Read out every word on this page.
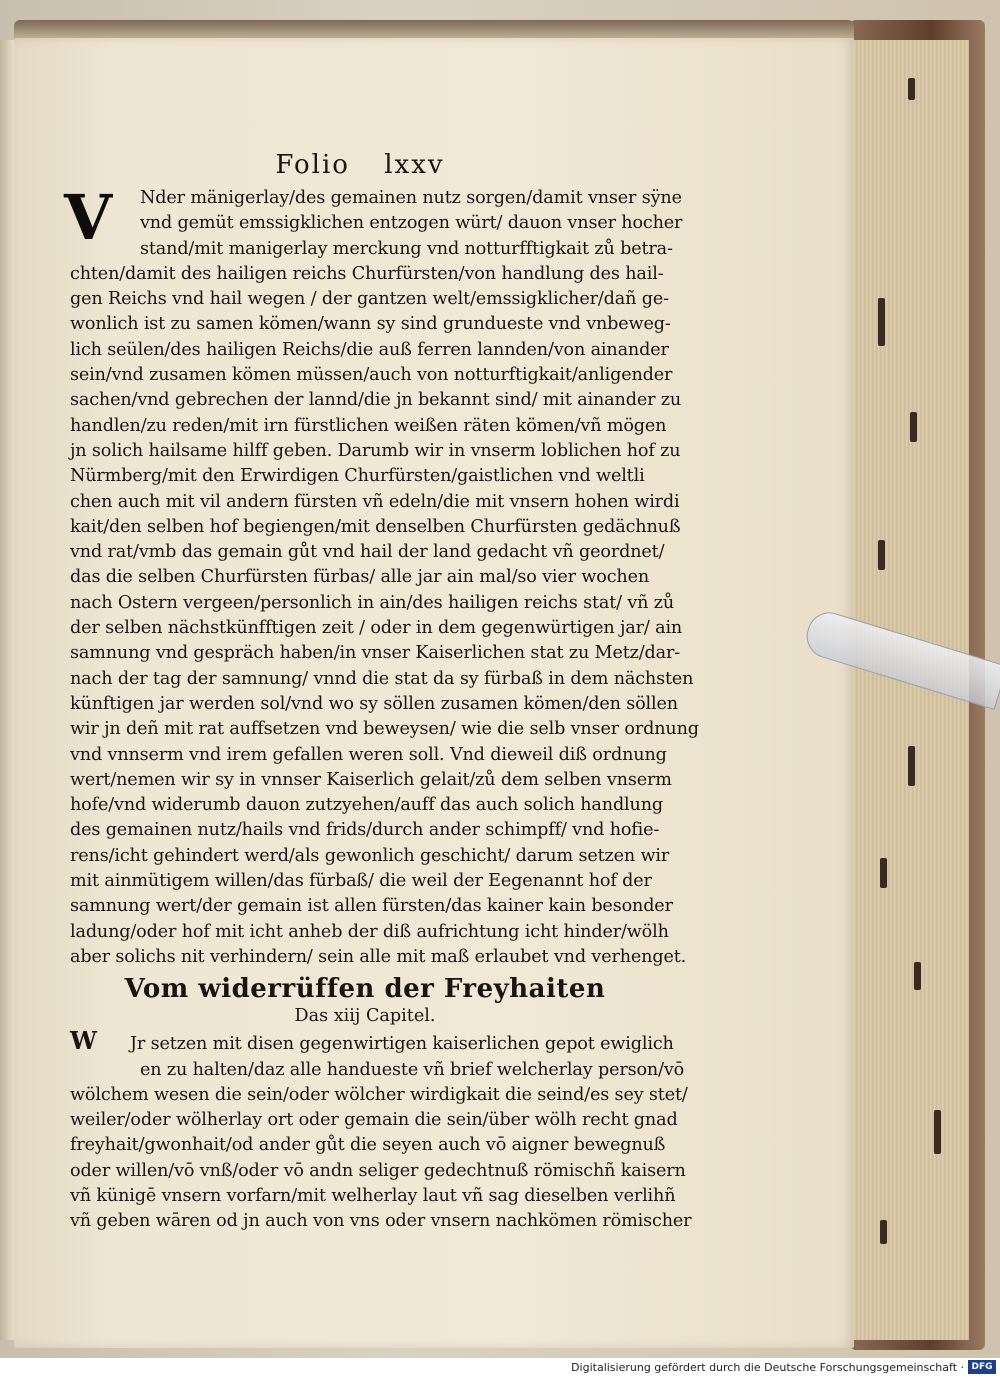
Folio lxxv
V	Nder mänigerlay/des gemainen nutz sorgen/damit vnser sÿne
vnd gemüt emssigklichen entzogen würt/ dauon vnser hocher
stand/mit manigerlay merckung vnd notturfftigkait zů betra-
chten/damit des hailigen reichs Churfürsten/von handlung des hail-
gen Reichs vnd hail wegen / der gantzen welt/emssigklicher/dañ ge-
wonlich ist zu samen kömen/wann sy sind grundueste vnd vnbeweg-
lich seülen/des hailigen Reichs/die auß ferren lannden/von ainander
sein/vnd zusamen kömen müssen/auch von notturftigkait/anligender
sachen/vnd gebrechen der lannd/die jn bekannt sind/ mit ainander zu
handlen/zu reden/mit irn fürstlichen weißen räten kömen/vñ mögen
jn solich hailsame hilff geben. Darumb wir in vnserm loblichen hof zu
Nürmberg/mit den Erwirdigen Churfürsten/gaistlichen vnd weltli
chen auch mit vil andern fürsten vñ edeln/die mit vnsern hohen wirdi
kait/den selben hof begiengen/mit denselben Churfürsten gedächnuß
vnd rat/vmb das gemain gůt vnd hail der land gedacht vñ geordnet/
das die selben Churfürsten fürbas/ alle jar ain mal/so vier wochen
nach Ostern vergeen/personlich in ain/des hailigen reichs stat/ vñ zů
der selben nächstkünfftigen zeit / oder in dem gegenwürtigen jar/ ain
samnung vnd gespräch haben/in vnser Kaiserlichen stat zu Metz/dar-
nach der tag der samnung/ vnnd die stat da sy fürbaß in dem nächsten
künftigen jar werden sol/vnd wo sy söllen zusamen kömen/den söllen
wir jn deñ mit rat auffsetzen vnd beweysen/ wie die selb vnser ordnung
vnd vnnserm vnd irem gefallen weren soll. Vnd dieweil diß ordnung
wert/nemen wir sy in vnnser Kaiserlich gelait/zů dem selben vnserm
hofe/vnd widerumb dauon zutzyehen/auff das auch solich handlung
des gemainen nutz/hails vnd frids/durch ander schimpff/ vnd hofie-
rens/icht gehindert werd/als gewonlich geschicht/ darum setzen wir
mit ainmütigem willen/das fürbaß/ die weil der Eegenannt hof der
samnung wert/der gemain ist allen fürsten/das kainer kain besonder
ladung/oder hof mit icht anheb der diß aufrichtung icht hinder/wölh
aber solichs nit verhindern/ sein alle mit maß erlaubet vnd verhenget.
Vom widerrüffen der Freyhaiten
Das xiij Capitel.
W Jr setzen mit disen gegenwirtigen kaiserlichen gepot ewiglich
en zu halten/daz alle handueste vñ brief welcherlay person/vō
wölchem wesen die sein/oder wölcher wirdigkait die seind/es sey stet/
weiler/oder wölherlay ort oder gemain die sein/über wölh recht gnad
freyhait/gwonhait/od ander gůt die seyen auch vō aigner bewegnuß
oder willen/vō vnß/oder vō andn seliger gedechtnuß römischñ kaisern
vñ künigē vnsern vorfarn/mit welherlay laut vñ sag dieselben verlihñ
vñ geben wāren od jn auch von vns oder vnsern nachkömen römischer
Digitalisierung gefördert durch die Deutsche Forschungsgemeinschaft · DFG
